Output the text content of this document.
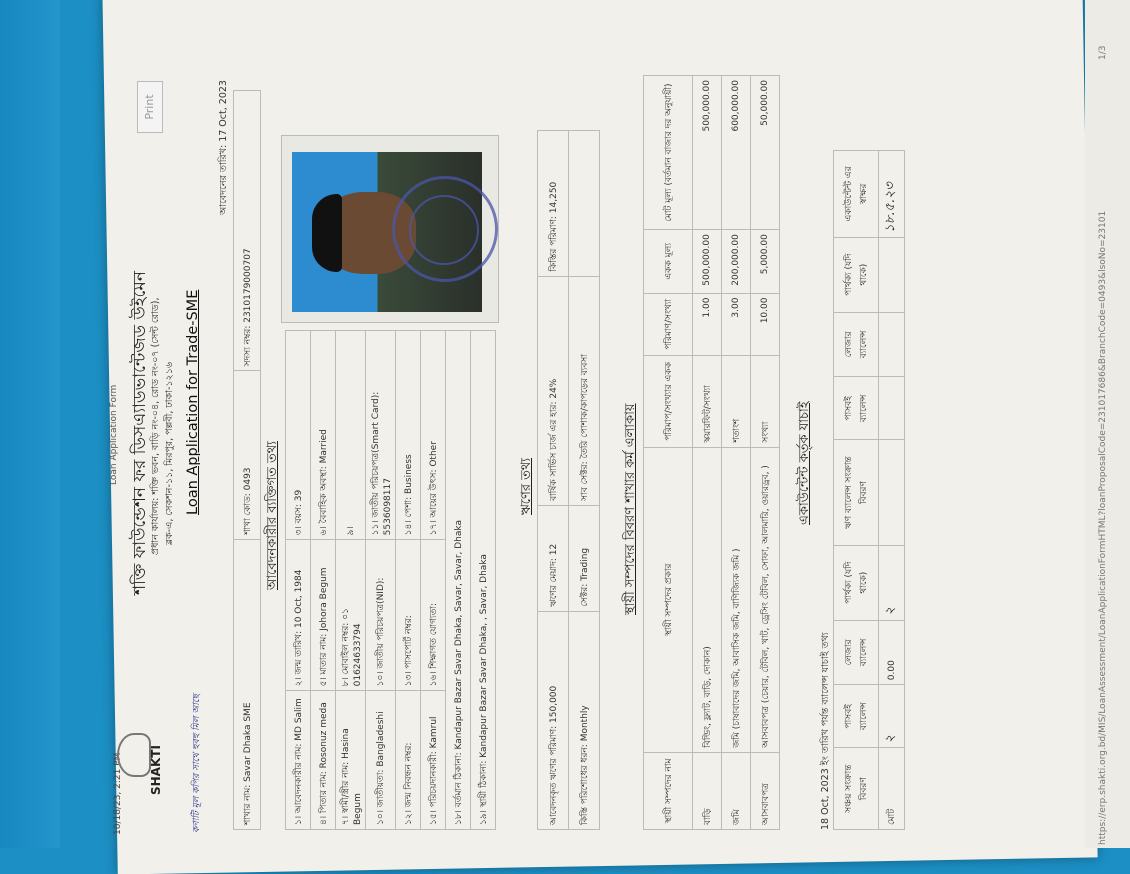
10/18/23, 2:21 PM
Loan Application Form
SHAKTI
শক্তি ফাউন্ডেশন ফর ডিসএ্যাডভান্টেজড উইমেন প্রধান কার্যালয়: শক্তি ভবন, বাড়ি নং-০৪, রোড নং-০৭ (সেন্ট রোড), ব্লক-এ, সেকশন-১১, মিরপুর, পল্লবী, ঢাকা-১২১৬ Loan Application for Trade-SME
কণাটি মূল কপির সাথে হুবহু মিল আছে
Print	আবেদনের তারিখ: 17 Oct, 2023
শাখার নাম: Savar Dhaka SME	শাখা কোড: 0493	সদস্য নম্বর: 2310179000707
আবেদনকারীর ব্যক্তিগত তথ্য
১। আবেদনকারীর নাম: MD Salim	২। জন্ম তারিখ: 10 Oct, 1984	৩। বয়স: 39
৪। পিতার নাম: Rosonuz meda	৫। মাতার নাম: Johora Begum	৬। বৈবাহিক অবস্থা: Married
৭। স্বামী/স্ত্রীর নাম: Hasina Begum	৮। মোবাইল নম্বর: ০১ 01624633794	৯।
১০। জাতীয়তা: Bangladeshi	১০। জাতীয় পরিচয়পত্র(NID):	১১। জাতীয় পরিচয়পত্র(Smart Card): 5536098117
১২। জন্ম নিবন্ধন নম্বর:	১৩। পাসপোর্ট নম্বর:	১৪। পেশা: Business
১৫। পরিচয়দানকারী: Kamrul	১৬। শিক্ষাগত যোগ্যতা:	১৭। আয়ের উৎস: Other
১৮। বর্তমান ঠিকানা: Kandapur Bazar Savar Dhaka, Savar, Savar, Dhaka		
১৯। স্থায়ী ঠিকানা: Kandapur Bazar Savar Dhaka, , Savar, Dhaka		
ঋণের তথ্য
আবেদনকৃত ঋণের পরিমাণ: 150,000	ঋণের মেয়াদ: 12	বার্ষিক সার্ভিস চার্জ এর হার: 24%	কিস্তির পরিমাণ: 14,250
কিস্তি পরিশোধের ধরন: Monthly	সেক্টর: Trading	সাব সেক্টর: তৈরি পোশাক/কাপড়ের ব্যবসা		স্থায়ী সম্পদের বিবরণ শাখার কর্ম এলাকায়
স্থায়ী সম্পদের নাম	স্থায়ী সম্পদের প্রকার	পরিমাপ/সংখ্যার একক	পরিমাণ/সংখ্যা	একক মূল্য	মোট মূল্য (বর্তমান বাজার দর অনুযায়ী)
বাড়ি	বিল্ডিং, ফ্ল্যাট, বাড়ি, দোকান)	স্কয়ারফিট/সংখ্যা	1.00	500,000.00	500,000.00
জমি	জমি (চাষাবাদের জমি, আবাসিক জমি, বাণিজ্যিক জমি )	শতাংশ	3.00	200,000.00	600,000.00
আসবাবপত্র	আসবাবপত্র (চেয়ার, টেবিল, খাট, ড্রেসিং টেবিল, সোফা, আলমারি, ওয়ারড্রব, )	সংখ্যা	10.00	5,000.00	50,000.00
একাউন্টেন্ট কর্তৃক যাচাই
18 Oct, 2023 ইং তারিখ পর্যন্ত ব্যালেন্স যাচাই তথ্য	সঞ্চয় সংক্রান্ত বিবরণ	পাসবই ব্যালেন্স	লেজার ব্যালেন্স	পার্থক্য (যদি থাকে)	ঋণ ব্যালেন্স সংক্রান্ত বিবরণ	পাসবই ব্যালেন্স	লেজার ব্যালেন্স	পার্থক্য (যদি থাকে)	একাউন্টেন্ট এর স্বাক্ষর
মোট	২	0.00	২					১৮.৫.২৩
https://erp.shakti.org.bd/MIS/LoanAssessment/LoanApplicationFormHTML?loanProposalCode=231017686&BranchCode=0493&lsoNo=23101
1/3
